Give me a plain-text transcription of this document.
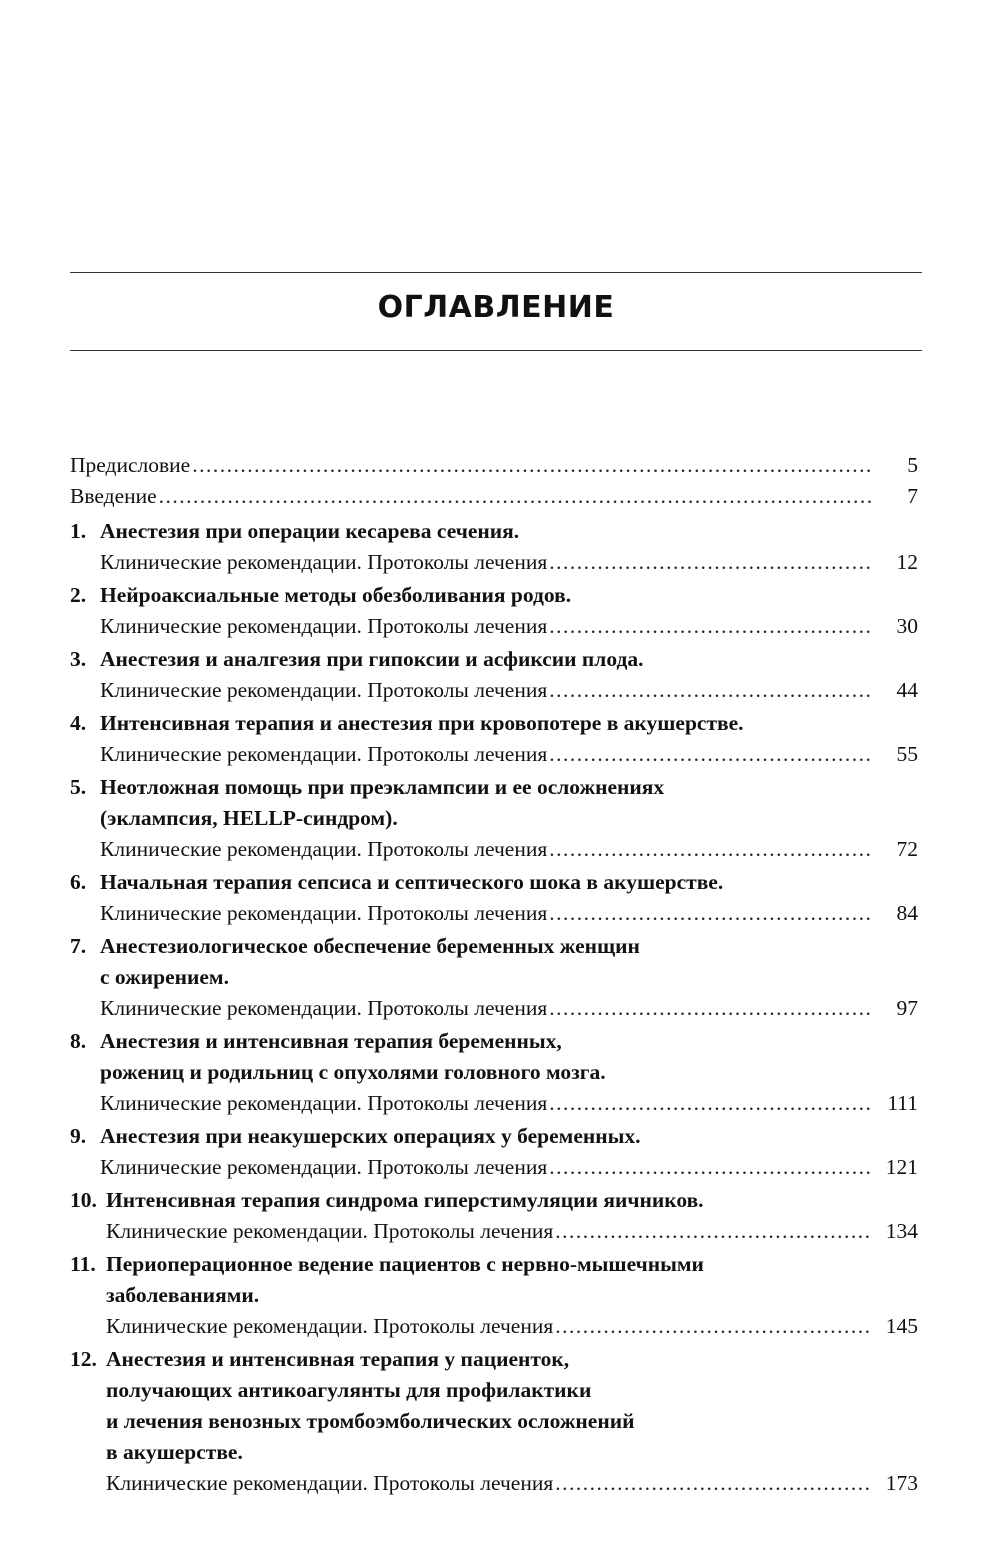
ОГЛАВЛЕНИЕ
Предисловие .....	5
Введение .....	7
1. Анестезия при операции кесарева сечения.
Клинические рекомендации. Протоколы лечения .....	12
2. Нейроаксиальные методы обезболивания родов.
Клинические рекомендации. Протоколы лечения .....	30
3. Анестезия и аналгезия при гипоксии и асфиксии плода.
Клинические рекомендации. Протоколы лечения .....	44
4. Интенсивная терапия и анестезия при кровопотере в акушерстве.
Клинические рекомендации. Протоколы лечения .....	55
5. Неотложная помощь при преэклампсии и ее осложнениях
(эклампсия, HELLP-синдром).
Клинические рекомендации. Протоколы лечения .....	72
6. Начальная терапия сепсиса и септического шока в акушерстве.
Клинические рекомендации. Протоколы лечения .....	84
7. Анестезиологическое обеспечение беременных женщин
с ожирением.
Клинические рекомендации. Протоколы лечения .....	97
8. Анестезия и интенсивная терапия беременных,
рожениц и родильниц с опухолями головного мозга.
Клинические рекомендации. Протоколы лечения .....	111
9. Анестезия при неакушерских операциях у беременных.
Клинические рекомендации. Протоколы лечения .....	121
10. Интенсивная терапия синдрома гиперстимуляции яичников.
Клинические рекомендации. Протоколы лечения .....	134
11. Периоперационное ведение пациентов с нервно-мышечными
заболеваниями.
Клинические рекомендации. Протоколы лечения .....	145
12. Анестезия и интенсивная терапия у пациенток,
получающих антикоагулянты для профилактики
и лечения венозных тромбоэмболических осложнений
в акушерстве.
Клинические рекомендации. Протоколы лечения .....	173
